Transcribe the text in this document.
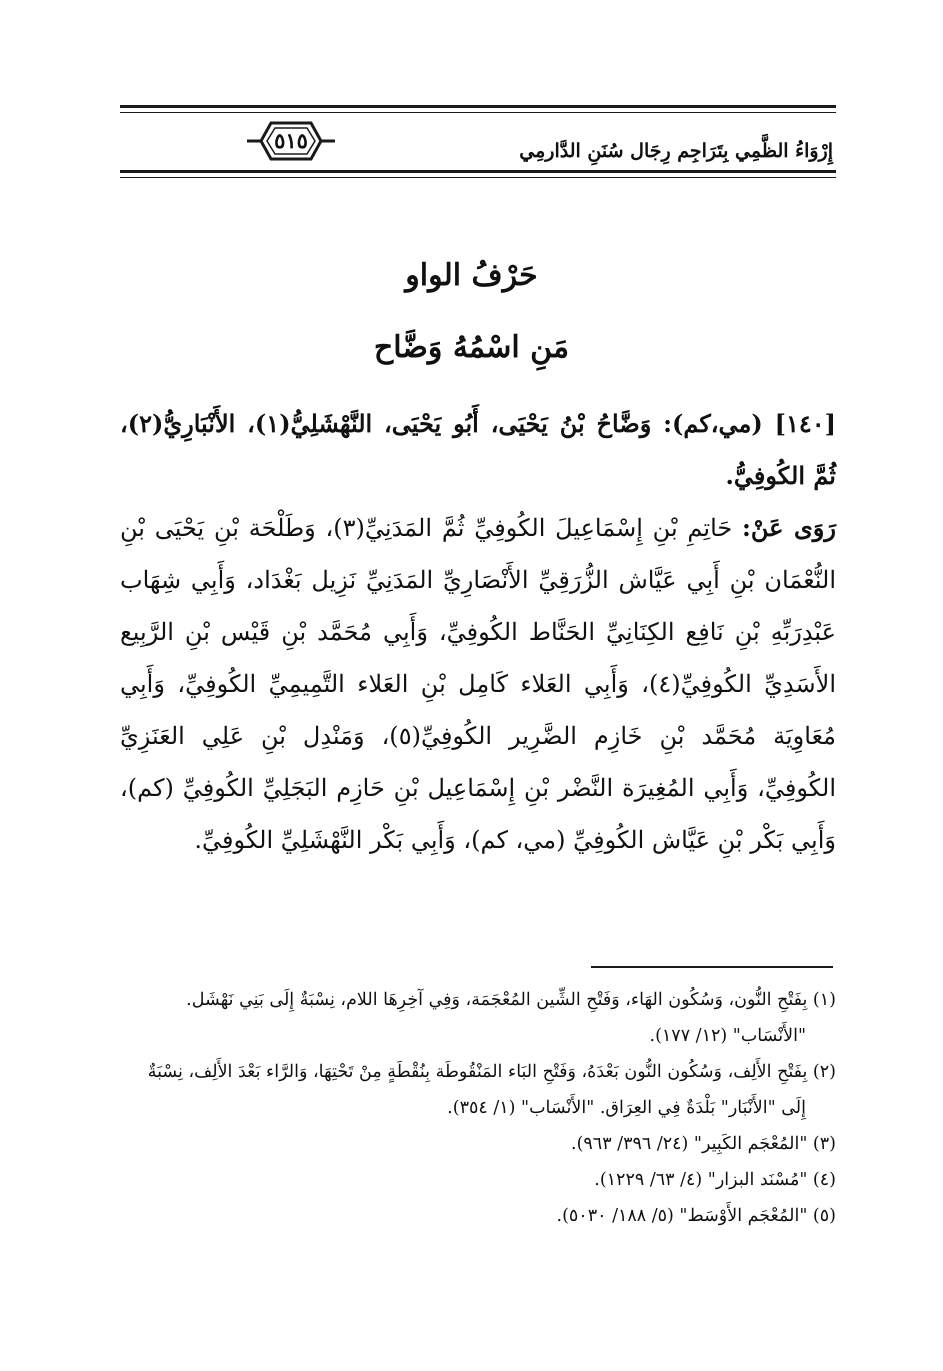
إِرْوَاءُ الظَّمِي بِتَرَاجِم رِجَال سُنَنِ الدَّارمِي
٥١٥
حَرْفُ الواو
مَنِ اسْمُهُ وَضَّاح

[١٤٠] (مي،كم): وَضَّاحُ بْنُ يَحْيَى، أَبُو يَحْيَى، النَّهْشَلِيُّ(١)، الأَنْبَارِيُّ(٢)، ثُمَّ الكُوفِيُّ.

رَوَى عَنْ: حَاتِمِ بْنِ إِسْمَاعِيلَ الكُوفِيِّ ثُمَّ المَدَنِيِّ(٣)، وَطَلْحَة بْنِ يَحْيَى بْنِ النُّعْمَان بْنِ أَبِي عَيَّاش الزُّرَقِيِّ الأَنْصَارِيِّ المَدَنِيِّ نَزِيل بَغْدَاد، وَأَبِي شِهَاب عَبْدِرَبِّهِ بْنِ نَافِع الكِنَانِيِّ الحَنَّاط الكُوفِيِّ، وَأَبِي مُحَمَّد بْنِ قَيْس بْنِ الرَّبِيع الأَسَدِيِّ الكُوفِيِّ(٤)، وَأَبِي العَلاء كَامِل بْنِ العَلاء التَّمِيمِيِّ الكُوفِيِّ، وَأَبِي مُعَاوِيَة مُحَمَّد بْنِ خَازِم الضَّرِير الكُوفِيِّ(٥)، وَمَنْدِل بْنِ عَلِي العَنَزِيِّ الكُوفِيِّ، وَأَبِي المُغِيرَة النَّضْر بْنِ إِسْمَاعِيل بْنِ حَازِم البَجَلِيِّ الكُوفِيِّ (كم)، وَأَبِي بَكْر بْنِ عَيَّاش الكُوفِيِّ (مي، كم)، وَأَبِي بَكْر النَّهْشَلِيِّ الكُوفِيِّ.

(١) بِفَتْحِ النُّون، وَسُكُون الهَاء، وَفَتْحِ الشِّين المُعْجَمَة، وَفِي آخِرِهَا اللام، نِسْبَةٌ إِلَى بَنِي نَهْشَل.

"الأَنْسَاب" (١٢/ ١٧٧).

(٢) بِفَتْحِ الأَلِف، وَسُكُون النُّون بَعْدَهُ، وَفَتْحِ البَاء المَنْقُوطَة بِنُقْطَةٍ مِنْ تَحْتِهَا، وَالرَّاء بَعْدَ الأَلِف، نِسْبَةٌ

إِلَى "الأَنْبَار" بَلْدَةٌ فِي العِرَاق. "الأَنْسَاب" (١/ ٣٥٤).

(٣) "المُعْجَم الكَبِير" (٢٤/ ٣٩٦/ ٩٦٣).

(٤) "مُسْنَد البزار" (٤/ ٦٣/ ١٢٢٩).

(٥) "المُعْجَم الأَوْسَط" (٥/ ١٨٨/ ٥٠٣٠).
